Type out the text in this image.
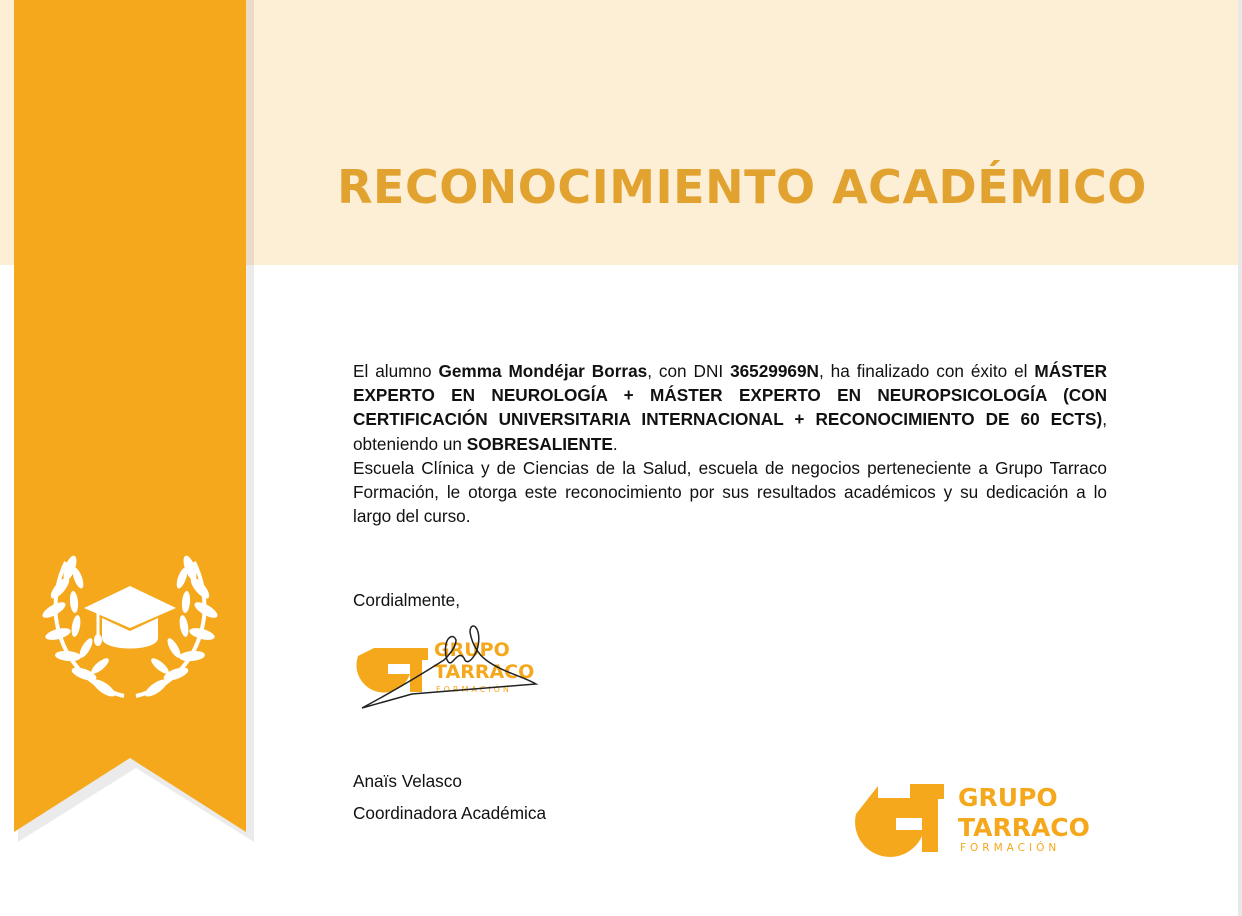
RECONOCIMIENTO ACADÉMICO

El alumno Gemma Mondéjar Borras, con DNI 36529969N, ha finalizado con éxito el MÁSTER EXPERTO EN NEUROLOGÍA + MÁSTER EXPERTO EN NEUROPSICOLOGÍA (CON CERTIFICACIÓN UNIVERSITARIA INTERNACIONAL + RECONOCIMIENTO DE 60 ECTS), obteniendo un SOBRESALIENTE.

Escuela Clínica y de Ciencias de la Salud, escuela de negocios perteneciente a Grupo Tarraco Formación, le otorga este reconocimiento por sus resultados académicos y su dedicación a lo largo del curso.

Cordialmente,

GRUPO
TARRACO
FORMACIÓN
Anaïs Velasco
Coordinadora Académica
GRUPO
TARRACO
FORMACIÓN
